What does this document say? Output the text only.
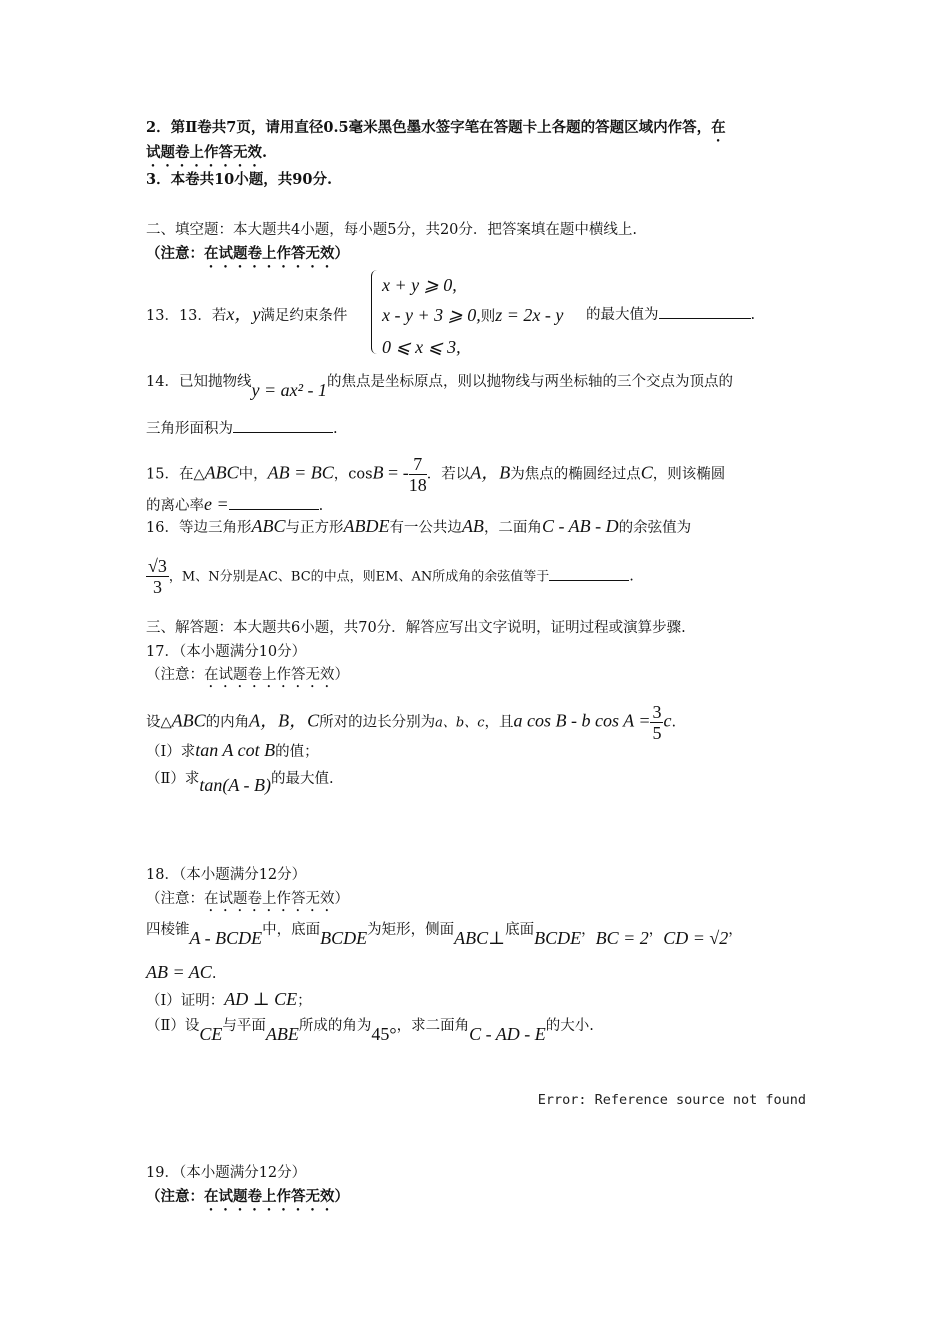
2．第Ⅱ卷共7页，请用直径0.5毫米黑色墨水签字笔在答题卡上各题的答题区域内作答，在
试题卷上作答无效.
3．本卷共10小题，共90分.
二、填空题：本大题共4小题，每小题5分，共20分．把答案填在题中横线上.
（注意：在试题卷上作答无效）
13．13．若x，y满足约束条件
x + y ⩾ 0,
x - y + 3 ⩾ 0,则z = 2x - y
0 ⩽ x ⩽ 3,
的最大值为	.
14．已知抛物线y = ax² - 1的焦点是坐标原点，则以抛物线与两坐标轴的三个交点为顶点的
三角形面积为	.
15．在△ABC中，AB = BC，cosB = - $\frac{7}{18}$ ．若以A，B为焦点的椭圆经过点C，则该椭圆
的离心率e =	.
16．等边三角形ABC与正方形ABDE有一公共边AB，二面角C - AB - D的余弦值为
$\frac{√3}{3}$ ，M、N分别是AC、BC的中点，则EM、AN所成角的余弦值等于	.
三、解答题：本大题共6小题，共70分．解答应写出文字说明，证明过程或演算步骤.
17．（本小题满分10分）
（注意：在试题卷上作答无效）
设△ABC的内角A，B，C所对的边长分别为a、b、c，且a cos B - b $\cos A = \frac{3}{5} c$.
（Ⅰ）求tan A cot B的值；
（Ⅱ）求tan(A - B)的最大值.
18．（本小题满分12分）
（注意：在试题卷上作答无效）
四棱锥A - BCDE中，底面BCDE为矩形，侧面ABC⊥底面BCDE，BC = 2，CD = √2，
AB = AC.
（Ⅰ）证明：AD ⊥ CE；
（Ⅱ）设CE与平面ABE所成的角为45°，求二面角C - AD - E的大小.
Error: Reference source not found
19．（本小题满分12分）
（注意：在试题卷上作答无效）
